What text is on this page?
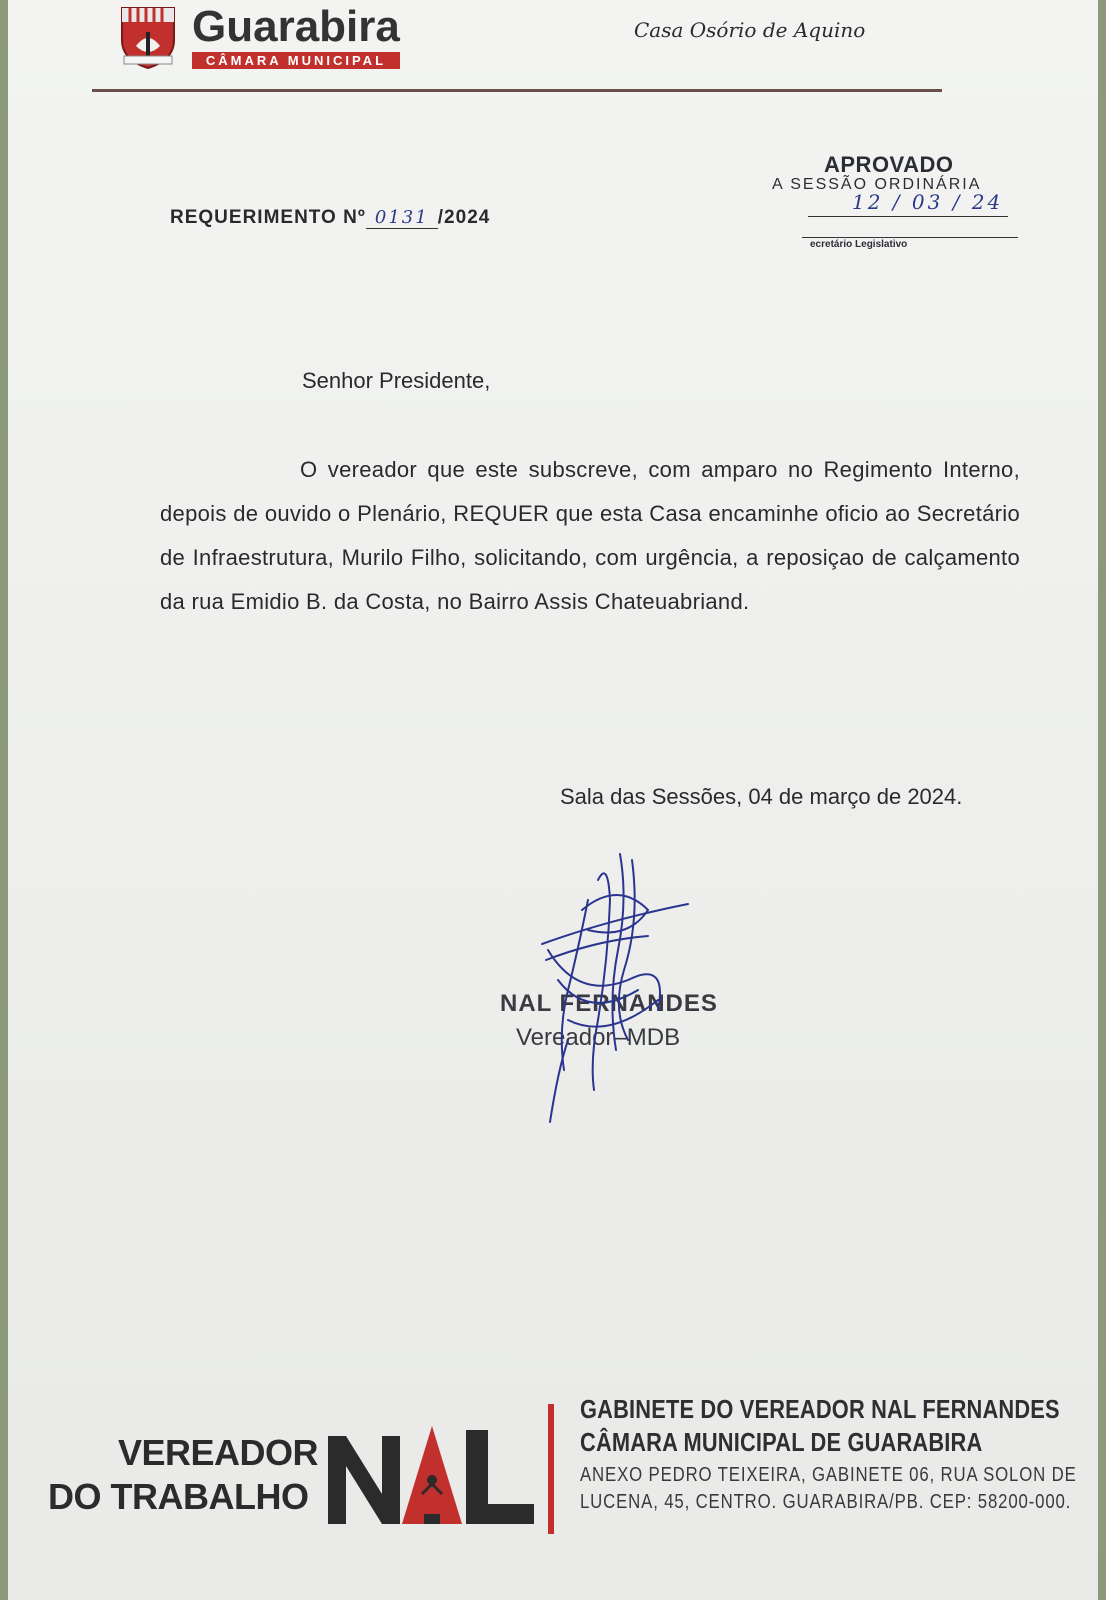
Guarabira
CÂMARA MUNICIPAL
Casa Osório de Aquino
APROVADO
A SESSÃO ORDINÁRIA
12 / 03 / 24
ecretário Legislativo
REQUERIMENTO Nº 0131 /2024
Senhor Presidente,
O vereador que este subscreve, com amparo no Regimento Interno, depois de ouvido o Plenário, REQUER que esta Casa encaminhe oficio ao Secretário de Infraestrutura, Murilo Filho, solicitando, com urgência, a reposiçao de calçamento da rua Emidio B. da Costa, no Bairro Assis Chateuabriand.
Sala das Sessões, 04 de março de 2024.
NAL FERNANDES
Vereador–MDB
VEREADOR
DO TRABALHO
GABINETE DO VEREADOR NAL FERNANDES
CÂMARA MUNICIPAL DE GUARABIRA
ANEXO PEDRO TEIXEIRA, GABINETE 06, RUA SOLON DE
LUCENA, 45, CENTRO. GUARABIRA/PB. CEP: 58200-000.
